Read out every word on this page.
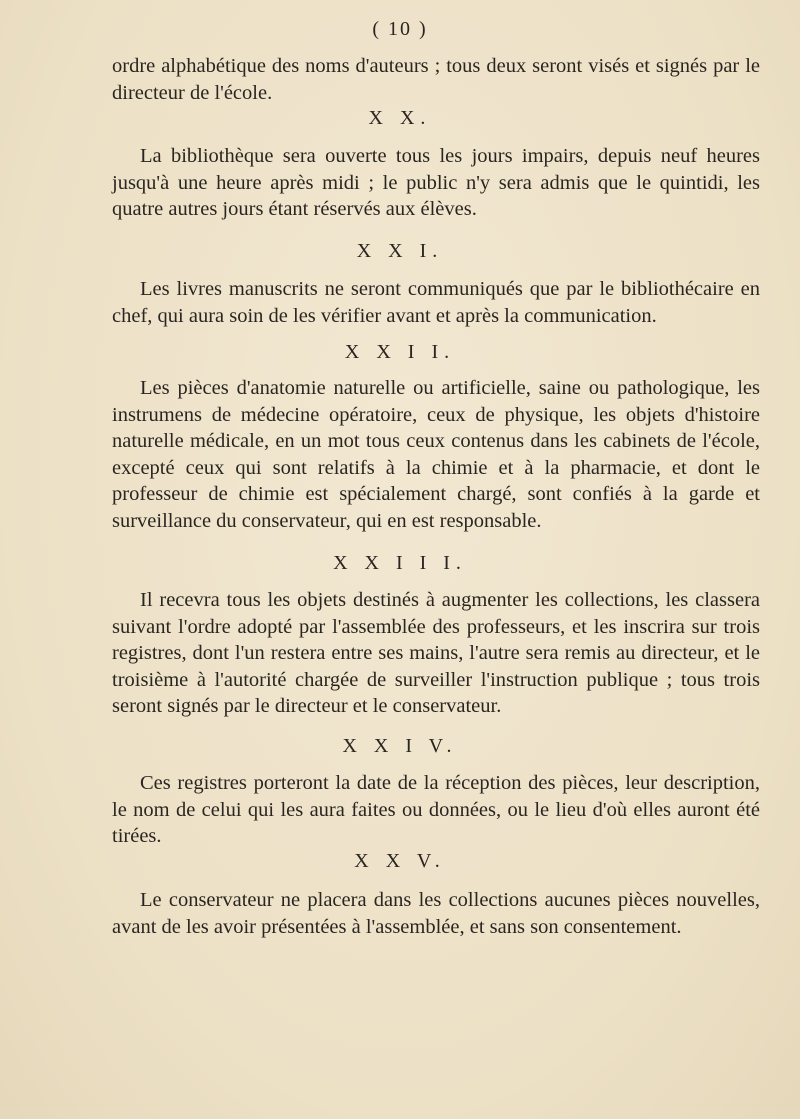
( 10 )
ordre alphabétique des noms d'auteurs ; tous deux seront visés et signés par le directeur de l'école.
X X.
La bibliothèque sera ouverte tous les jours impairs, depuis neuf heures jusqu'à une heure après midi ; le public n'y sera admis que le quintidi, les quatre autres jours étant réservés aux élèves.
X X I.
Les livres manuscrits ne seront communiqués que par le bibliothécaire en chef, qui aura soin de les vérifier avant et après la communication.
X X I I.
Les pièces d'anatomie naturelle ou artificielle, saine ou pathologique, les instrumens de médecine opératoire, ceux de physique, les objets d'histoire naturelle médicale, en un mot tous ceux contenus dans les cabinets de l'école, excepté ceux qui sont relatifs à la chimie et à la pharmacie, et dont le professeur de chimie est spécialement chargé, sont confiés à la garde et surveillance du conservateur, qui en est responsable.
X X I I I.
Il recevra tous les objets destinés à augmenter les collections, les classera suivant l'ordre adopté par l'assemblée des professeurs, et les inscrira sur trois registres, dont l'un restera entre ses mains, l'autre sera remis au directeur, et le troisième à l'autorité chargée de surveiller l'instruction publique ; tous trois seront signés par le directeur et le conservateur.
X X I V.
Ces registres porteront la date de la réception des pièces, leur description, le nom de celui qui les aura faites ou données, ou le lieu d'où elles auront été tirées.
X X V.
Le conservateur ne placera dans les collections aucunes pièces nouvelles, avant de les avoir présentées à l'assemblée, et sans son consentement.
